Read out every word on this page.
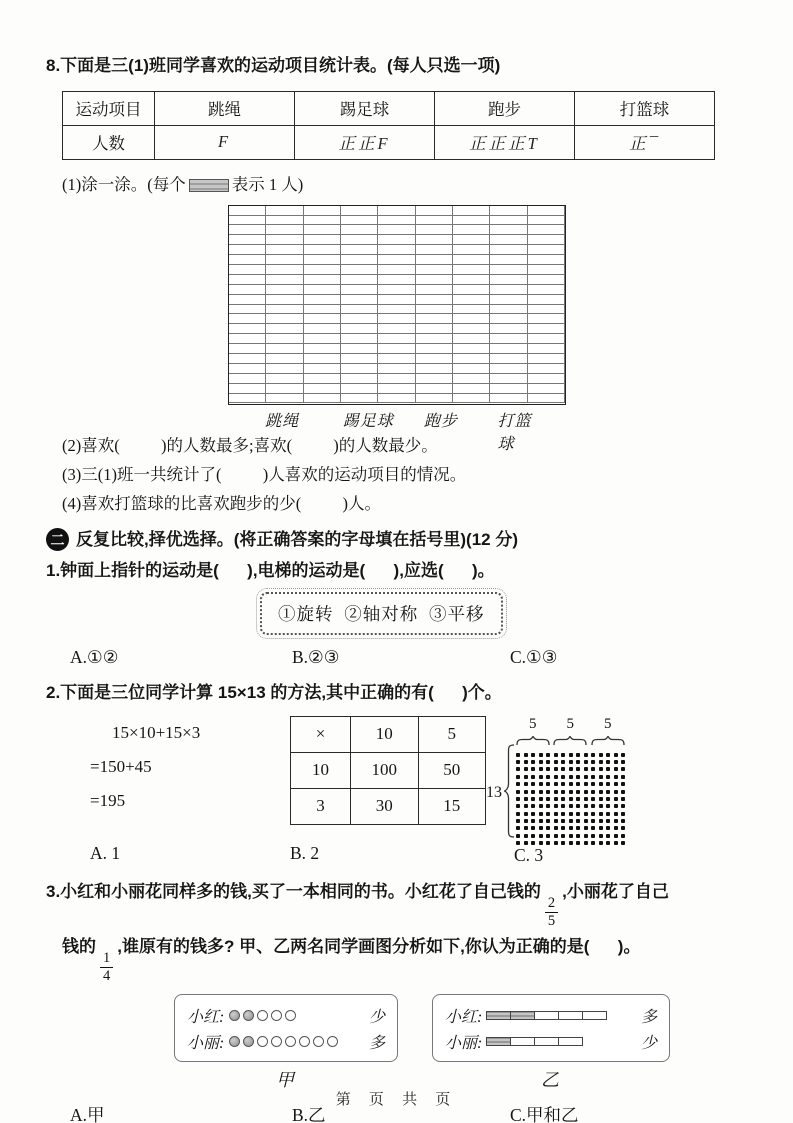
8.下面是三(1)班同学喜欢的运动项目统计表。(每人只选一项)
运动项目	跳绳	踢足球	跑步	打篮球
人数	F	正正F	正正正T	正¯
(1)涂一涂。(每个	表示 1 人)
跳绳	踢足球 跑步 打篮球
(2)喜欢(          )的人数最多;喜欢(          )的人数最少。
(3)三(1)班一共统计了(          )人喜欢的运动项目的情况。
(4)喜欢打篮球的比喜欢跑步的少(          )人。
二 反复比较,择优选择。(将正确答案的字母填在括号里)(12 分)
1.钟面上指针的运动是(      ),电梯的运动是(      ),应选(      )。
①旋转  ②轴对称  ③平移
A.①②	B.②③	C.①③
2.下面是三位同学计算 15×13 的方法,其中正确的有(      )个。
15×10+15×3
=150+45
=195
A. 1
×	10	5
10	100	50
3	30	15
B. 2
13
5 5 5
C. 3
3.小红和小丽花同样多的钱,买了一本相同的书。小红花了自己钱的
$\frac{2}{5}$
,小丽花了自己
钱的
$\frac{1}{4}$
,谁原有的钱多? 甲、乙两名同学画图分析如下,你认为正确的是(      )。
小红:	少
小丽:	多
甲
小红:	多
小丽:	少
乙
A.甲	B.乙	C.甲和乙
第 页 共 页
